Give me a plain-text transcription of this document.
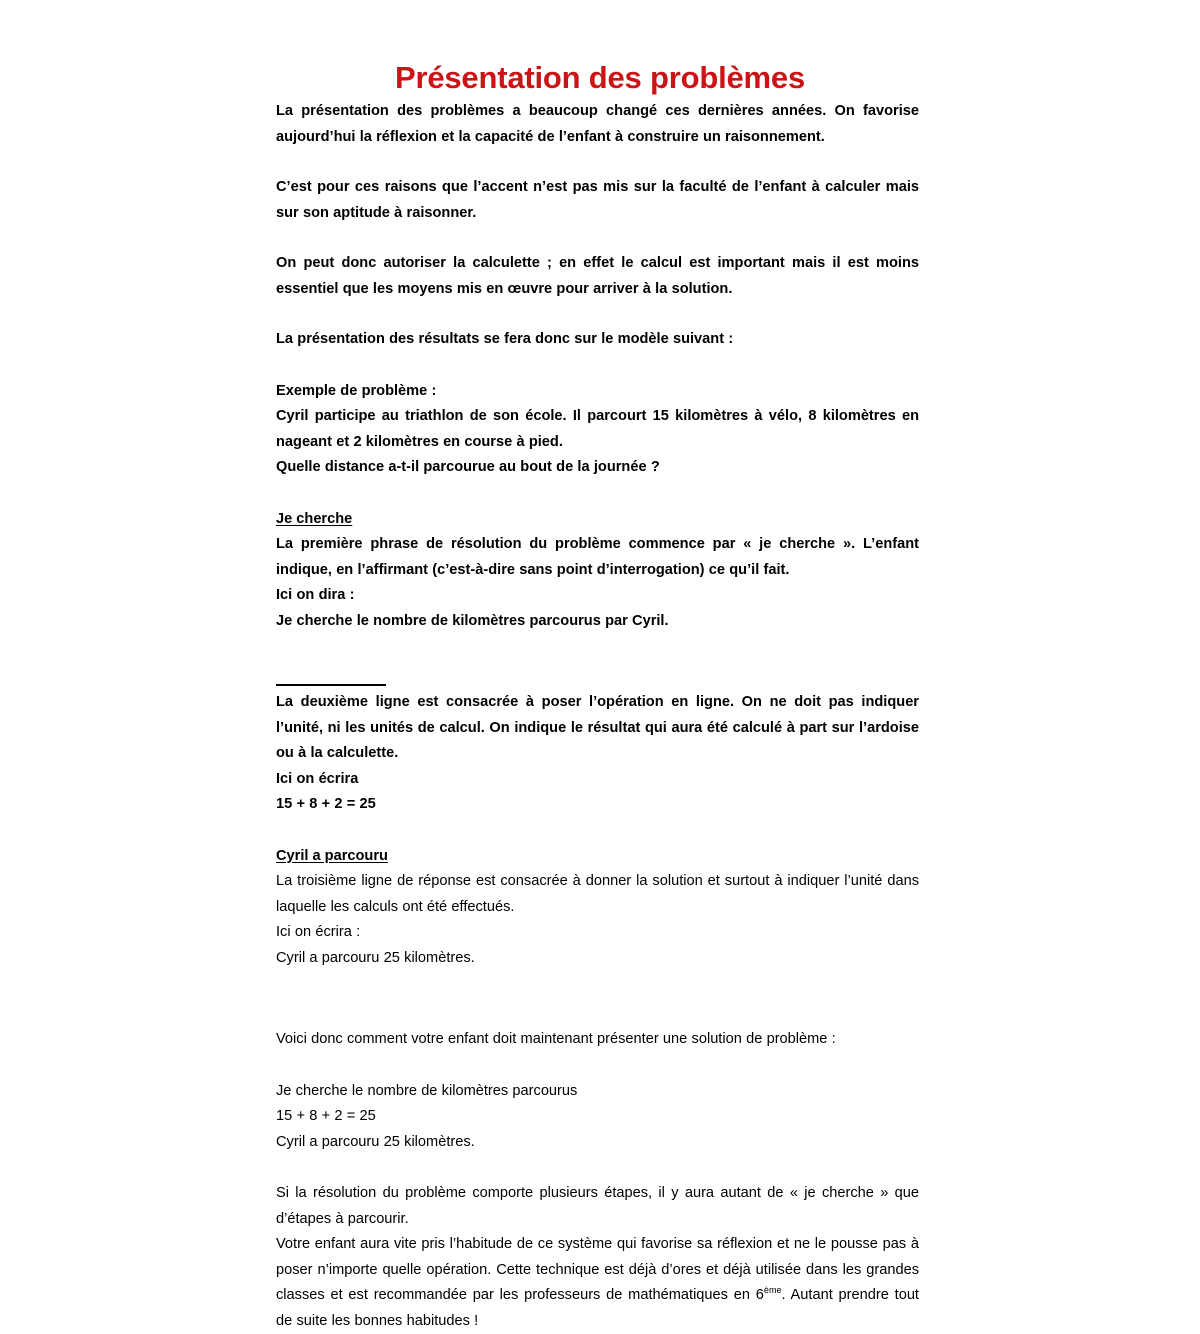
Présentation des problèmes

La présentation des problèmes a beaucoup changé ces dernières années. On favorise aujourd’hui la réflexion et la capacité de l’enfant à construire un raisonnement.

C’est pour ces raisons que l’accent n’est pas mis sur la faculté de l’enfant à calculer mais sur son aptitude à raisonner.

On peut donc autoriser la calculette ; en effet le calcul est important mais il est moins essentiel que les moyens mis en œuvre pour arriver à la solution.

La présentation des résultats se fera donc sur le modèle suivant :

Exemple de problème :

Cyril participe au triathlon de son école. Il parcourt 15 kilomètres à vélo, 8 kilomètres en nageant et 2 kilomètres en course à pied.

Quelle distance a-t-il parcourue au bout de la journée ?

Je cherche

La première phrase de résolution du problème commence par « je cherche ». L’enfant indique, en l’affirmant (c’est-à-dire sans point d’interrogation) ce qu’il fait.

Ici on dira :

Je cherche le nombre de kilomètres parcourus par Cyril.

La deuxième ligne est consacrée à poser l’opération en ligne. On ne doit pas indiquer l’unité, ni les unités de calcul. On indique le résultat qui aura été calculé à part sur l’ardoise ou à la calculette.

Ici on écrira

15 + 8 + 2 = 25

Cyril a parcouru

La troisième ligne de réponse est consacrée à donner la solution et surtout à indiquer l’unité dans laquelle les calculs ont été effectués.

Ici on écrira :

Cyril a parcouru 25 kilomètres.

Voici donc comment votre enfant doit maintenant présenter une solution de problème :

Je cherche le nombre de kilomètres parcourus

15 + 8 + 2 = 25

Cyril a parcouru 25 kilomètres.

Si la résolution du problème comporte plusieurs étapes, il y aura autant de « je cherche » que d’étapes à parcourir.

Votre enfant aura vite pris l’habitude de ce système qui favorise sa réflexion et ne le pousse pas à poser n’importe quelle opération. Cette technique est déjà d’ores et déjà utilisée dans les grandes classes et est recommandée par les professeurs de mathématiques en 6ème. Autant prendre tout de suite les bonnes habitudes !
